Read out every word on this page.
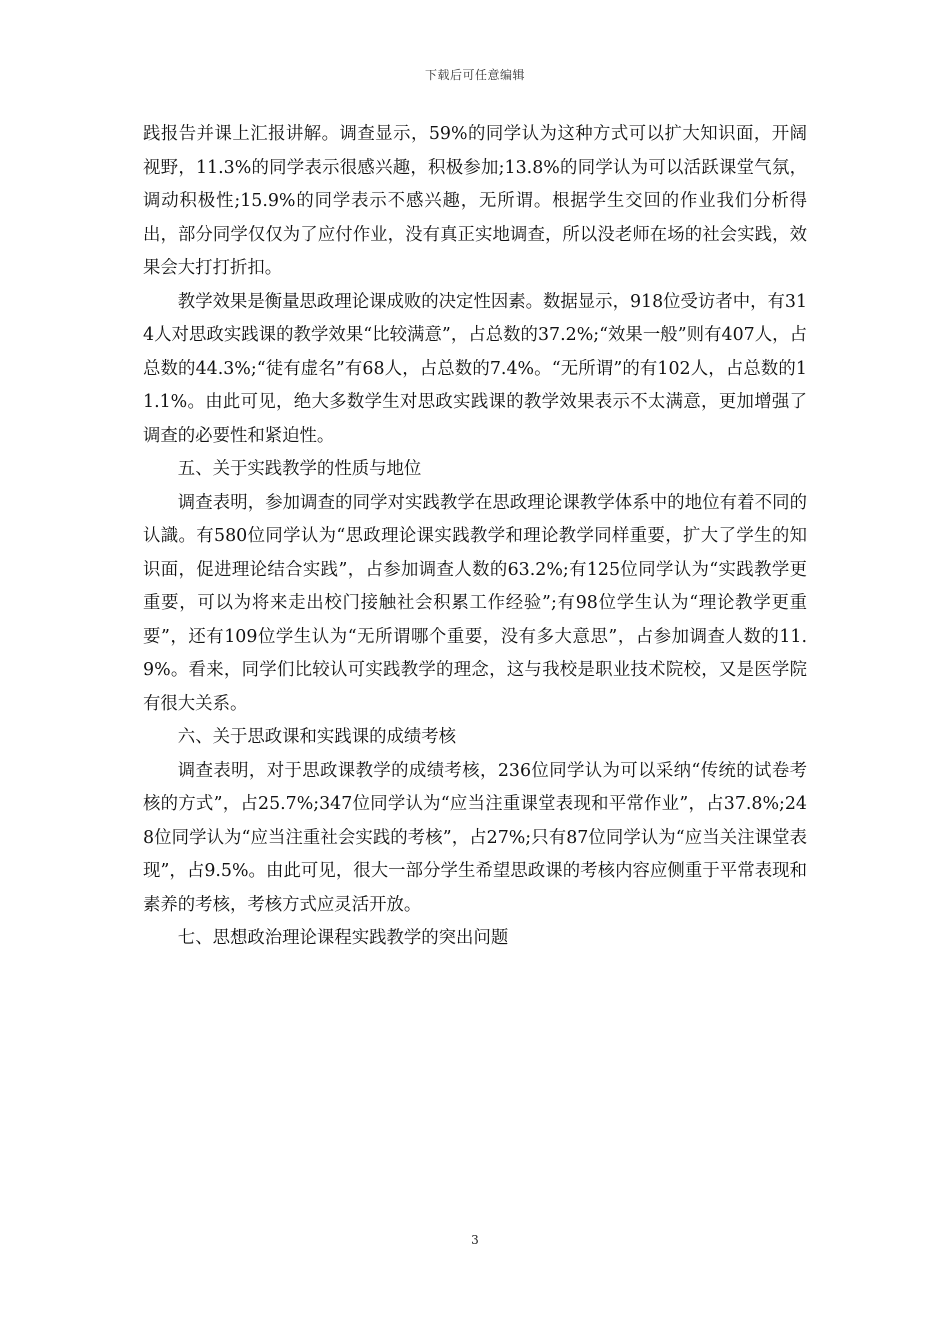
下载后可任意编辑

践报告并课上汇报讲解。调查显示，59%的同学认为这种方式可以扩大知识面，开阔视野，11.3%的同学表示很感兴趣，积极参加;13.8%的同学认为可以活跃课堂气氛，调动积极性;15.9%的同学表示不感兴趣，无所谓。根据学生交回的作业我们分析得出，部分同学仅仅为了应付作业，没有真正实地调查，所以没老师在场的社会实践，效果会大打打折扣。

教学效果是衡量思政理论课成败的决定性因素。数据显示，918位受访者中，有314人对思政实践课的教学效果“比较满意”，占总数的37.2%;“效果一般”则有407人，占总数的44.3%;“徒有虚名”有68人，占总数的7.4%。“无所谓”的有102人，占总数的11.1%。由此可见，绝大多数学生对思政实践课的教学效果表示不太满意，更加增强了调查的必要性和紧迫性。

五、关于实践教学的性质与地位

调查表明，参加调查的同学对实践教学在思政理论课教学体系中的地位有着不同的认識。有580位同学认为“思政理论课实践教学和理论教学同样重要，扩大了学生的知识面，促进理论结合实践”，占参加调查人数的63.2%;有125位同学认为“实践教学更重要，可以为将来走出校门接触社会积累工作经验”;有98位学生认为“理论教学更重要”，还有109位学生认为“无所谓哪个重要，没有多大意思”，占参加调查人数的11.9%。看来，同学们比较认可实践教学的理念，这与我校是职业技术院校，又是医学院有很大关系。

六、关于思政课和实践课的成绩考核

调查表明，对于思政课教学的成绩考核，236位同学认为可以采纳“传统的试卷考核的方式”，占25.7%;347位同学认为“应当注重课堂表现和平常作业”，占37.8%;248位同学认为“应当注重社会实践的考核”，占27%;只有87位同学认为“应当关注课堂表现”，占9.5%。由此可见，很大一部分学生希望思政课的考核内容应侧重于平常表现和素养的考核，考核方式应灵活开放。

七、思想政治理论课程实践教学的突出问题

3
